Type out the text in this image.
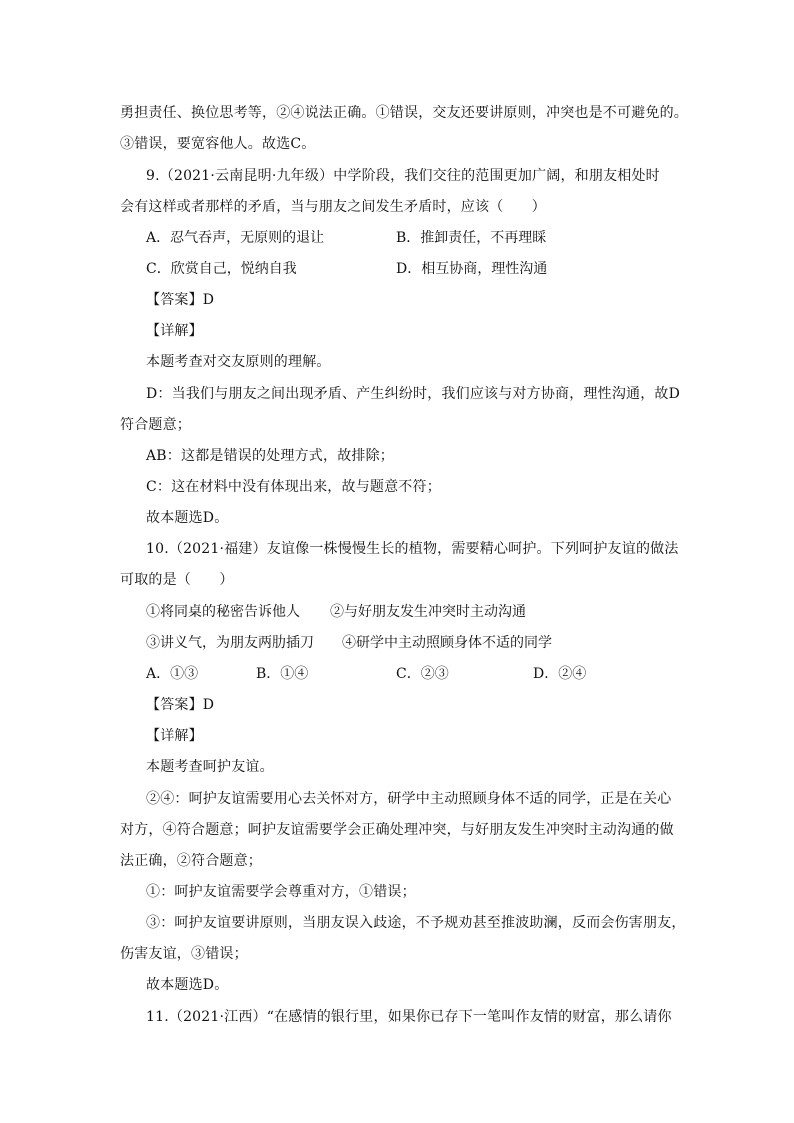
勇担责任、换位思考等，②④说法正确。①错误，交友还要讲原则，冲突也是不可避免的。
③错误，要宽容他人。故选C。
9.（2021·云南昆明·九年级）中学阶段，我们交往的范围更加广阔，和朋友相处时
会有这样或者那样的矛盾，当与朋友之间发生矛盾时，应该（　　）
A．忍气吞声，无原则的退让	B．推卸责任，不再理睬
C．欣赏自己，悦纳自我	D．相互协商，理性沟通
【答案】D
【详解】
本题考查对交友原则的理解。
D：当我们与朋友之间出现矛盾、产生纠纷时，我们应该与对方协商，理性沟通，故D
符合题意；
AB：这都是错误的处理方式，故排除；
C：这在材料中没有体现出来，故与题意不符；
故本题选D。
10.（2021·福建）友谊像一株慢慢生长的植物，需要精心呵护。下列呵护友谊的做法
可取的是（　　）
①将同桌的秘密告诉他人 ②与好朋友发生冲突时主动沟通
③讲义气，为朋友两肋插刀 ④研学中主动照顾身体不适的同学
A．①③	B．①④	C．②③	D．②④
【答案】D
【详解】
本题考查呵护友谊。
②④：呵护友谊需要用心去关怀对方，研学中主动照顾身体不适的同学，正是在关心
对方，④符合题意；呵护友谊需要学会正确处理冲突，与好朋友发生冲突时主动沟通的做
法正确，②符合题意；
①：呵护友谊需要学会尊重对方，①错误；
③：呵护友谊要讲原则，当朋友误入歧途，不予规劝甚至推波助澜，反而会伤害朋友，
伤害友谊，③错误；
故本题选D。
11.（2021·江西）“在感情的银行里，如果你已存下一笔叫作友情的财富，那么请你
